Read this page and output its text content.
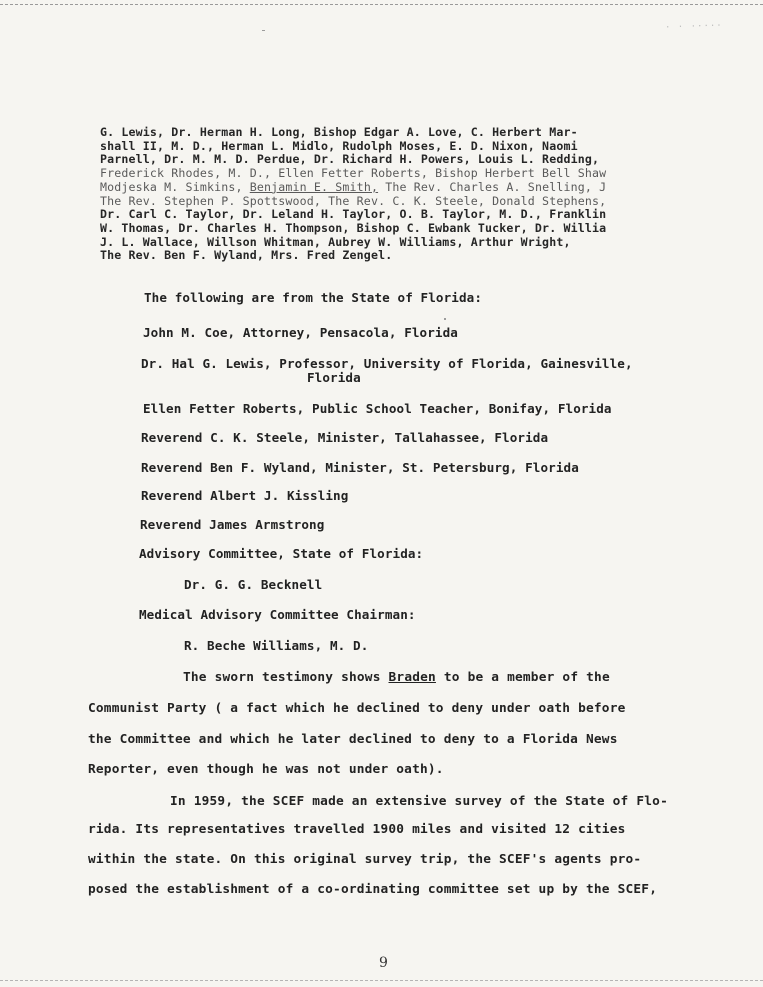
· · ·····
G. Lewis, Dr. Herman H. Long, Bishop Edgar A. Love, C. Herbert Mar-
shall II, M. D., Herman L. Midlo, Rudolph Moses, E. D. Nixon, Naomi
Parnell, Dr. M. M. D. Perdue, Dr. Richard H. Powers, Louis L. Redding,
Frederick Rhodes, M. D., Ellen Fetter Roberts, Bishop Herbert Bell Shaw
Modjeska M. Simkins, Benjamin E. Smith, The Rev. Charles A. Snelling, J
The Rev. Stephen P. Spottswood, The Rev. C. K. Steele, Donald Stephens,
Dr. Carl C. Taylor, Dr. Leland H. Taylor, O. B. Taylor, M. D., Franklin
W. Thomas, Dr. Charles H. Thompson, Bishop C. Ewbank Tucker, Dr. Willia
J. L. Wallace, Willson Whitman, Aubrey W. Williams, Arthur Wright,
The Rev. Ben F. Wyland, Mrs. Fred Zengel.
The following are from the State of Florida:
John M. Coe, Attorney, Pensacola, Florida
Dr. Hal G. Lewis, Professor, University of Florida, Gainesville,
Florida
Ellen Fetter Roberts, Public School Teacher, Bonifay, Florida
Reverend C. K. Steele, Minister, Tallahassee, Florida
Reverend Ben F. Wyland, Minister, St. Petersburg, Florida
Reverend Albert J. Kissling
Reverend James Armstrong
Advisory Committee, State of Florida:
Dr. G. G. Becknell
Medical Advisory Committee Chairman:
R. Beche Williams, M. D.
The sworn testimony shows Braden to be a member of the
Communist Party ( a fact which he declined to deny under oath before
the Committee and which he later declined to deny to a Florida News
Reporter, even though he was not under oath).
In 1959, the SCEF made an extensive survey of the State of Flo-
rida. Its representatives travelled 1900 miles and visited 12 cities
within the state. On this original survey trip, the SCEF's agents pro-
posed the establishment of a co-ordinating committee set up by the SCEF,
9
